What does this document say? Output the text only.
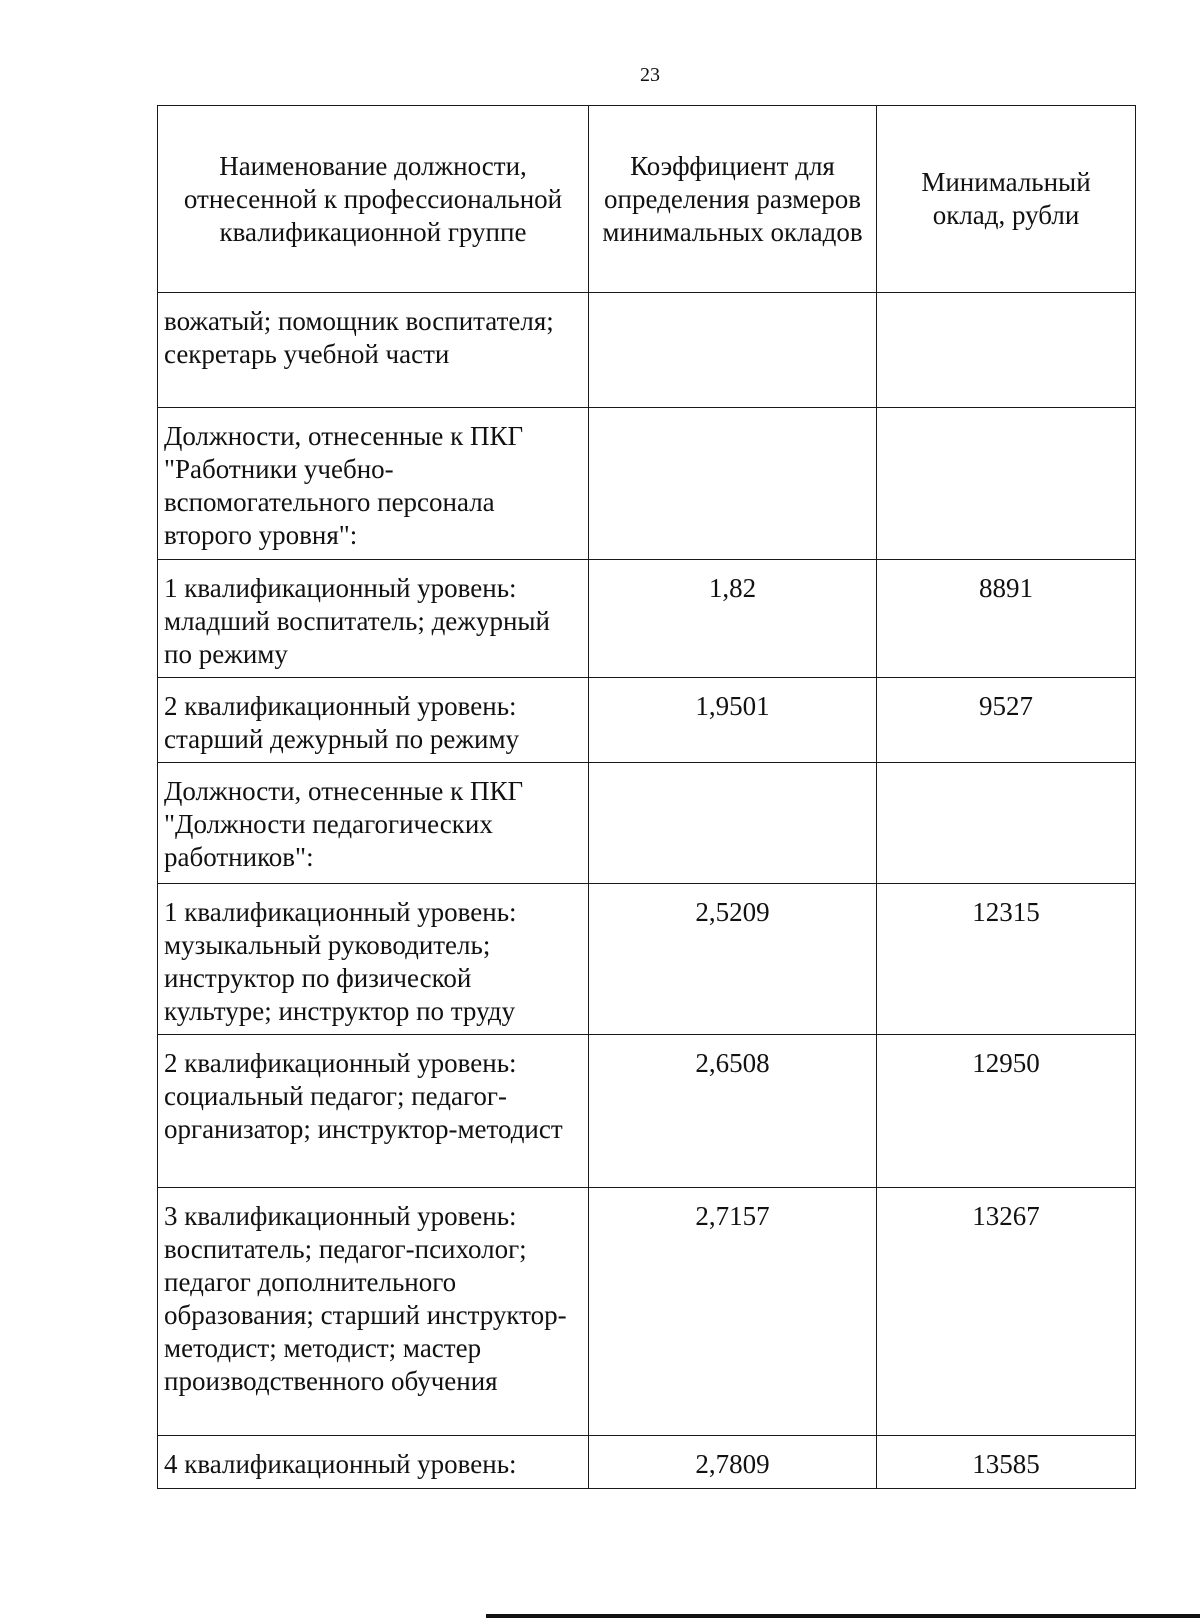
23
Наименование должности, отнесенной к профессиональной квалификационной группе	Коэффициент для определения размеров минимальных окладов	Минимальный оклад, рубли
вожатый; помощник воспитателя; секретарь учебной части		
Должности, отнесенные к ПКГ "Работники учебно-вспомогательного персонала второго уровня":		
1 квалификационный уровень: младший воспитатель; дежурный по режиму	1,82	8891
2 квалификационный уровень: старший дежурный по режиму	1,9501	9527
Должности, отнесенные к ПКГ "Должности педагогических работников":		
1 квалификационный уровень: музыкальный руководитель; инструктор по физической культуре; инструктор по труду	2,5209	12315
2 квалификационный уровень: социальный педагог; педагог-организатор; инструктор-методист	2,6508	12950
3 квалификационный уровень: воспитатель; педагог-психолог; педагог дополнительного образования; старший инструктор-методист; методист; мастер производственного обучения	2,7157	13267
4 квалификационный уровень:	2,7809	13585
